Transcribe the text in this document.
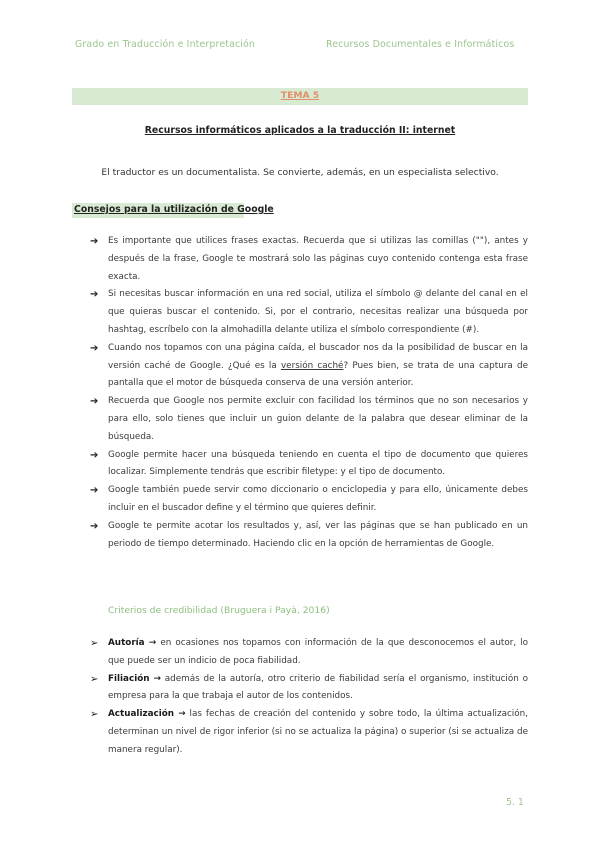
Grado en Traducción e Interpretación	Recursos Documentales e Informáticos
TEMA 5
Recursos informáticos aplicados a la traducción II: internet
El traductor es un documentalista. Se convierte, además, en un especialista selectivo.
Consejos para la utilización de Google
➔ Es importante que utilices frases exactas. Recuerda que si utilizas las comillas (""), antes y después de la frase, Google te mostrará solo las páginas cuyo contenido contenga esta frase exacta.
➔ Si necesitas buscar información en una red social, utiliza el símbolo @ delante del canal en el que quieras buscar el contenido. Si, por el contrario, necesitas realizar una búsqueda por hashtag, escríbelo con la almohadilla delante utiliza el símbolo correspondiente (#).
➔ Cuando nos topamos con una página caída, el buscador nos da la posibilidad de buscar en la versión caché de Google. ¿Qué es la versión caché? Pues bien, se trata de una captura de pantalla que el motor de búsqueda conserva de una versión anterior.
➔ Recuerda que Google nos permite excluir con facilidad los términos que no son necesarios y para ello, solo tienes que incluir un guion delante de la palabra que desear eliminar de la búsqueda.
➔ Google permite hacer una búsqueda teniendo en cuenta el tipo de documento que quieres localizar. Simplemente tendrás que escribir filetype: y el tipo de documento.
➔ Google también puede servir como diccionario o enciclopedia y para ello, únicamente debes incluir en el buscador define y el término que quieres definir.
➔ Google te permite acotar los resultados y, así, ver las páginas que se han publicado en un periodo de tiempo determinado. Haciendo clic en la opción de herramientas de Google.
Criterios de credibilidad (Bruguera i Payà, 2016)
➢ Autoría → en ocasiones nos topamos con información de la que desconocemos el autor, lo que puede ser un indicio de poca fiabilidad.
➢ Filiación → además de la autoría, otro criterio de fiabilidad sería el organismo, institución o empresa para la que trabaja el autor de los contenidos.
➢ Actualización → las fechas de creación del contenido y sobre todo, la última actualización, determinan un nivel de rigor inferior (si no se actualiza la página) o superior (si se actualiza de manera regular).
5. 1
